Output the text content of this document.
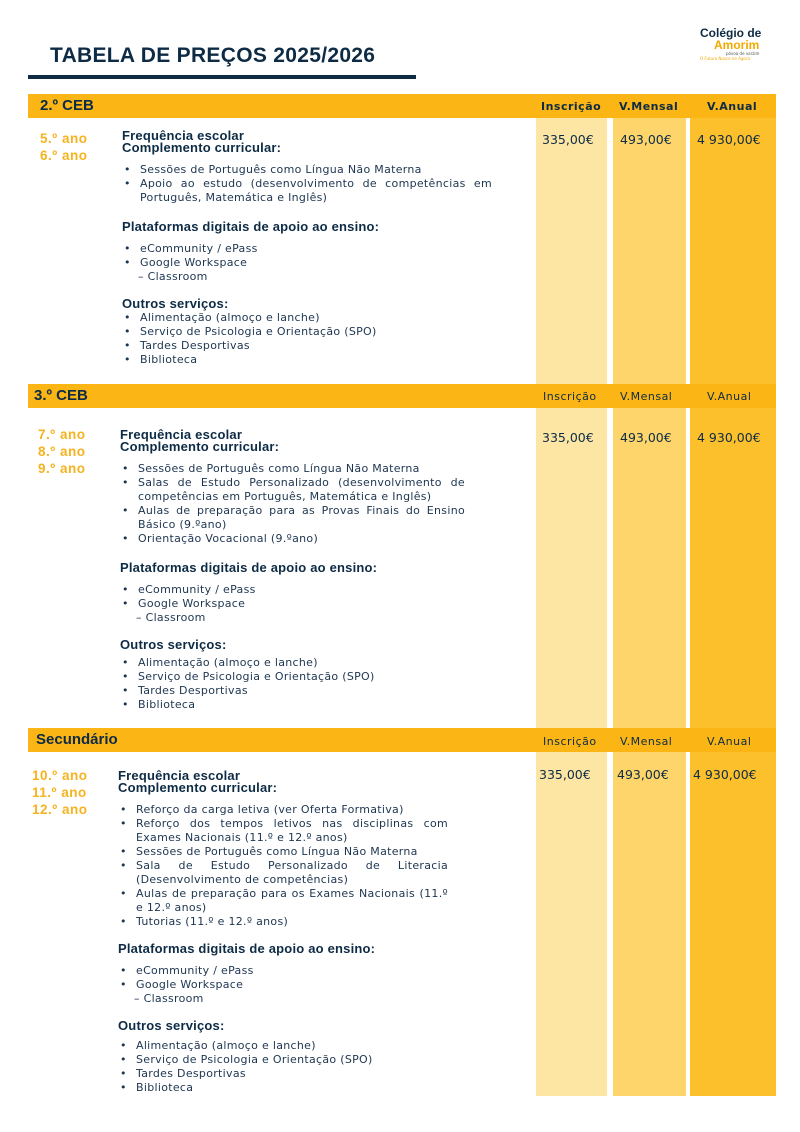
TABELA DE PREÇOS 2025/2026
Colégio de
Amorim
póvoa de varzim
O Futuro Nasce no Agora
2.º CEB	Inscrição V.Mensal	V.Anual
5.º ano
6.º ano
335,00€ 493,00€ 4 930,00€
Frequência escolar
Complemento curricular:
• Sessões de Português como Língua Não Materna
• Apoio ao estudo (desenvolvimento de competências em Português, Matemática e Inglês)
Plataformas digitais de apoio ao ensino:
• eCommunity / ePass
• Google Workspace
– Classroom
Outros serviços:
• Alimentação (almoço e lanche)
• Serviço de Psicologia e Orientação (SPO)
• Tardes Desportivas
• Biblioteca
3.º CEB	Inscrição V.Mensal	V.Anual
7.º ano
8.º ano
9.º ano
335,00€ 493,00€ 4 930,00€
Frequência escolar
Complemento curricular:
• Sessões de Português como Língua Não Materna
• Salas de Estudo Personalizado (desenvolvimento de competências em Português, Matemática e Inglês)
• Aulas de preparação para as Provas Finais do Ensino Básico (9.ºano)
• Orientação Vocacional (9.ºano)
Plataformas digitais de apoio ao ensino:
• eCommunity / ePass
• Google Workspace
– Classroom
Outros serviços:
• Alimentação (almoço e lanche)
• Serviço de Psicologia e Orientação (SPO)
• Tardes Desportivas
• Biblioteca
Secundário	Inscrição V.Mensal	V.Anual
10.º ano
11.º ano
12.º ano
335,00€ 493,00€ 4 930,00€
Frequência escolar
Complemento curricular:
• Reforço da carga letiva (ver Oferta Formativa)
• Reforço dos tempos letivos nas disciplinas com Exames Nacionais (11.º e 12.º anos)
• Sessões de Português como Língua Não Materna
• Sala de Estudo Personalizado de Literacia (Desenvolvimento de competências)
• Aulas de preparação para os Exames Nacionais (11.º e 12.º anos)
• Tutorias (11.º e 12.º anos)
Plataformas digitais de apoio ao ensino:
• eCommunity / ePass
• Google Workspace
– Classroom
Outros serviços:
• Alimentação (almoço e lanche)
• Serviço de Psicologia e Orientação (SPO)
• Tardes Desportivas
• Biblioteca
